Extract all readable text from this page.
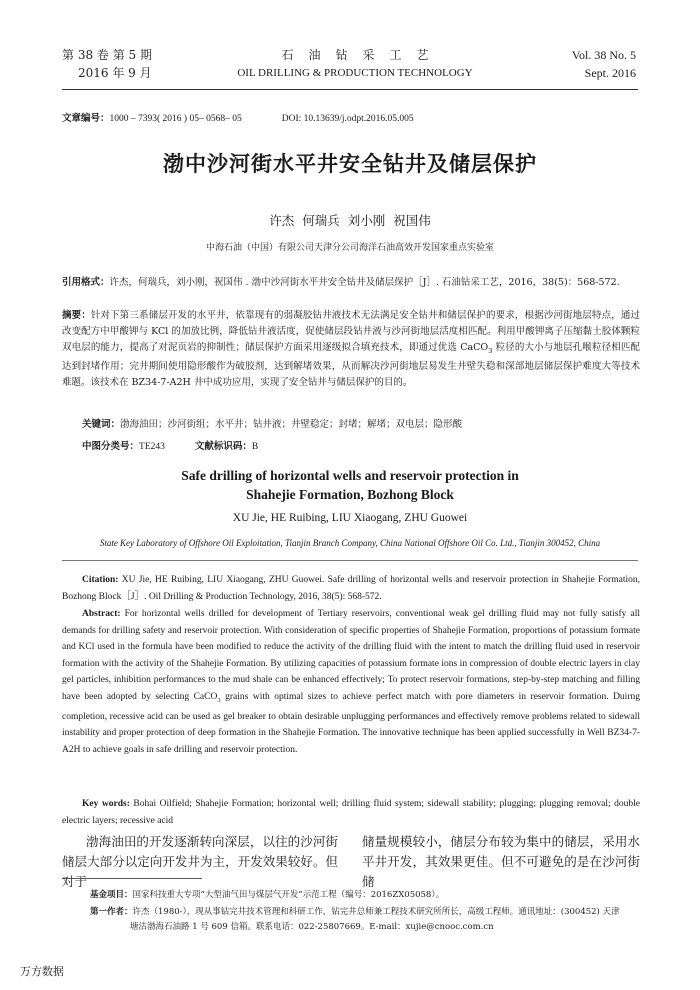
第 38 卷 第 5 期
2016 年 9 月
石油钻采工艺
OIL DRILLING & PRODUCTION TECHNOLOGY
Vol. 38 No. 5
Sept. 2016
文章编号：1000 – 7393( 2016 ) 05– 0568– 05	DOI: 10.13639/j.odpt.2016.05.005
渤中沙河街水平井安全钻井及储层保护
许杰 何瑞兵 刘小刚 祝国伟
中海石油（中国）有限公司天津分公司海洋石油高效开发国家重点实验室
引用格式：许杰，何瑞兵，刘小刚，祝国伟 . 渤中沙河街水平井安全钻井及储层保护［J］. 石油钻采工艺，2016，38(5)：568-572.
摘要：针对下第三系储层开发的水平井，依靠现有的弱凝胶钻井液技术无法满足安全钻井和储层保护的要求，根据沙河街地层特点，通过改变配方中甲酸钾与 KCl 的加放比例，降低钻井液活度，促使储层段钻井液与沙河街地层活度相匹配。利用甲酸钾离子压缩黏土胶体颗粒双电层的能力，提高了对泥页岩的抑制性；储层保护方面采用逐级拟合填充技术，即通过优选 CaCO$_3$ 粒径的大小与地层孔喉粒径相匹配达到封堵作用；完井期间使用隐形酸作为破胶剂，达到解堵效果，从而解决沙河街地层易发生井壁失稳和深部地层储层保护难度大等技术难题。该技术在 BZ34-7-A2H 井中成功应用，实现了安全钻井与储层保护的目的。
关键词：渤海油田；沙河街组；水平井；钻井液；井壁稳定；封堵；解堵；双电层；隐形酸
中图分类号：TE243	文献标识码：B
Safe drilling of horizontal wells and reservoir protection in
Shahejie Formation, Bozhong Block
XU Jie, HE Ruibing, LIU Xiaogang, ZHU Guowei
State Key Laboratory of Offshore Oil Exploitation, Tianjin Branch Company, China National Offshore Oil Co. Ltd., Tianjin 300452, China
Citation: XU Jie, HE Ruibing, LIU Xiaogang, ZHU Guowei. Safe drilling of horizontal wells and reservoir protection in Shahejie Formation, Bozhong Block［J］. Oil Drilling & Production Technology, 2016, 38(5): 568-572.
Abstract: For horizontal wells drilled for development of Tertiary reservoirs, conventional weak gel drilling fluid may not fully satisfy all demands for drilling safety and reservoir protection. With consideration of specific properties of Shahejie Formation, proportions of potassium formate and KCl used in the formula have been modified to reduce the activity of the drilling fluid with the intent to match the drilling fluid used in reservoir formation with the activity of the Shahejie Formation. By utilizing capacities of potassium formate ions in compression of double electric layers in clay gel particles, inhibition performances to the mud shale can be enhanced effectively; To protect reservoir formations, step-by-step matching and filling have been adopted by selecting CaCO$_3$ grains with optimal sizes to achieve perfect match with pore diameters in reservoir formation. Duirng completion, recessive acid can be used as gel breaker to obtain desirable unplugging performances and effectively remove problems related to sidewall instability and proper protection of deep formation in the Shahejie Formation. The innovative technique has been applied successfully in Well BZ34-7-A2H to achieve goals in safe drilling and reservoir protection.
Key words: Bohai Oilfield; Shahejie Formation; horizontal well; drilling fluid system; sidewall stability; plugging; plugging removal; double electric layers; recessive acid
渤海油田的开发逐渐转向深层，以往的沙河街储层大部分以定向开发井为主，开发效果较好。但对于
储量规模较小，储层分布较为集中的储层，采用水平井开发，其效果更佳。但不可避免的是在沙河街储
基金项目：国家科技重大专项“大型油气田与煤层气开发”示范工程（编号：2016ZX05058）。
第一作者：许杰（1980-），现从事钻完井技术管理和科研工作，钻完井总师兼工程技术研究所所长，高级工程师。通讯地址：(300452) 天津
塘沽渤海石油路 1 号 609 信箱。联系电话：022-25807669。E-mail：xujie@cnooc.com.cn
万方数据
